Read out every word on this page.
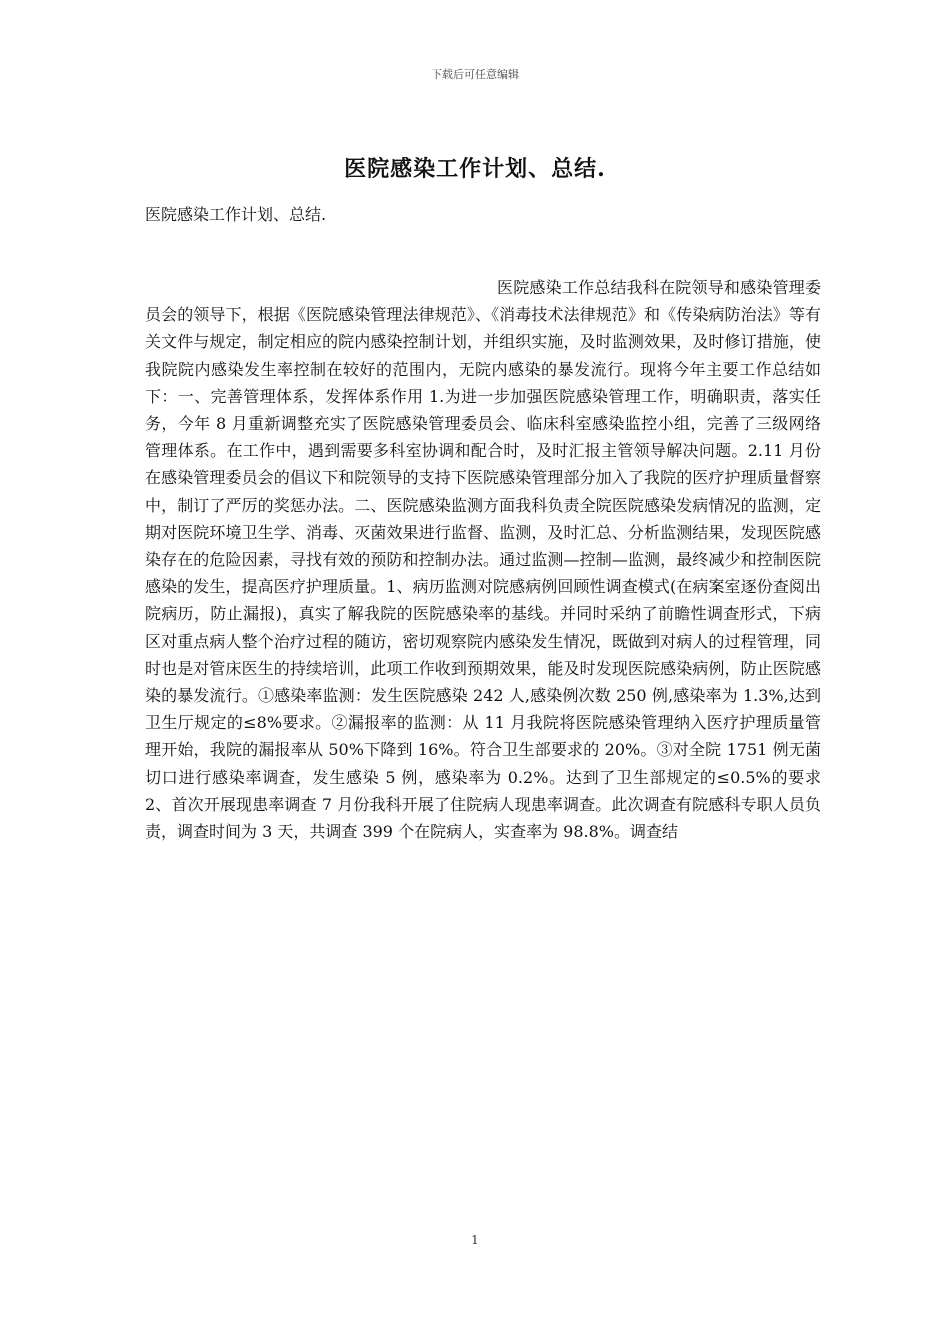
下载后可任意编辑
医院感染工作计划、总结.

医院感染工作计划、总结.

医院感染工作总结我科在院领导和感染管理委员会的领导下，根据《医院感染管理法律规范》、《消毒技术法律规范》和《传染病防治法》等有关文件与规定，制定相应的院内感染控制计划，并组织实施，及时监测效果，及时修订措施，使我院院内感染发生率控制在较好的范围内，无院内感染的暴发流行。现将今年主要工作总结如下：一、完善管理体系，发挥体系作用 1.为进一步加强医院感染管理工作，明确职责，落实任务，今年 8 月重新调整充实了医院感染管理委员会、临床科室感染监控小组，完善了三级网络管理体系。在工作中，遇到需要多科室协调和配合时，及时汇报主管领导解决问题。2.11 月份在感染管理委员会的倡议下和院领导的支持下医院感染管理部分加入了我院的医疗护理质量督察中，制订了严厉的奖惩办法。二、医院感染监测方面我科负责全院医院感染发病情况的监测，定期对医院环境卫生学、消毒、灭菌效果进行监督、监测，及时汇总、分析监测结果，发现医院感染存在的危险因素，寻找有效的预防和控制办法。通过监测—控制—监测，最终减少和控制医院感染的发生，提高医疗护理质量。1、病历监测对院感病例回顾性调查模式(在病案室逐份查阅出院病历，防止漏报)，真实了解我院的医院感染率的基线。并同时采纳了前瞻性调查形式，下病区对重点病人整个治疗过程的随访，密切观察院内感染发生情况，既做到对病人的过程管理，同时也是对管床医生的持续培训，此项工作收到预期效果，能及时发现医院感染病例，防止医院感染的暴发流行。①感染率监测：发生医院感染 242 人,感染例次数 250 例,感染率为 1.3%,达到卫生厅规定的≤8%要求。②漏报率的监测：从 11 月我院将医院感染管理纳入医疗护理质量管理开始，我院的漏报率从 50%下降到 16%。符合卫生部要求的 20%。③对全院 1751 例无菌切口进行感染率调查，发生感染 5 例，感染率为 0.2%。达到了卫生部规定的≤0.5%的要求 2、首次开展现患率调查 7 月份我科开展了住院病人现患率调查。此次调查有院感科专职人员负责，调查时间为 3 天，共调查 399 个在院病人，实查率为 98.8%。调查结

1
